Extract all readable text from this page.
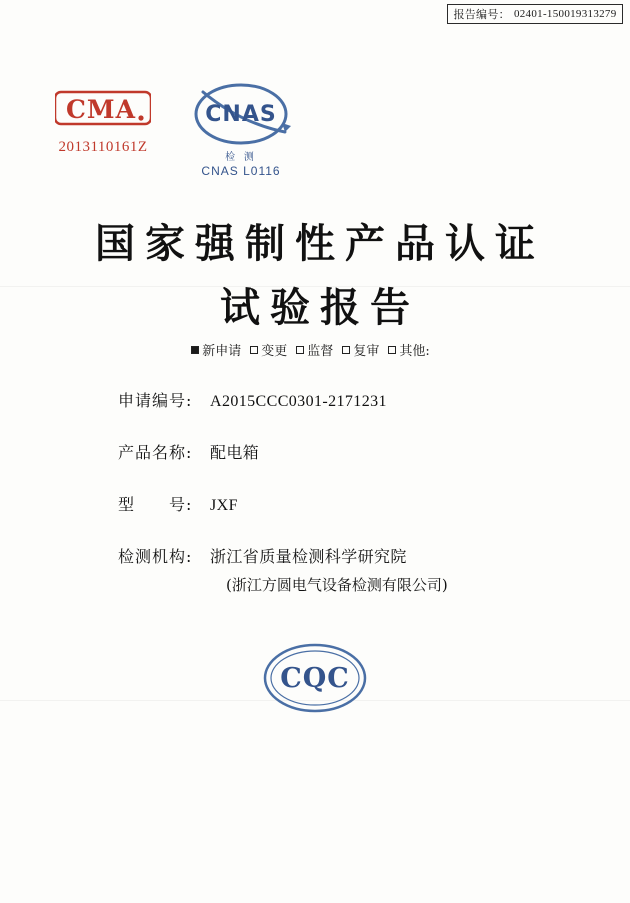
报告编号： 02401-150019313279
CMA
2013110161Z
CNAS
检 测
CNAS L0116
国家强制性产品认证
试验报告
新申请 变更 监督 复审 其他:
申请编号:	A2015CCC0301-2171231
产品名称:	配电箱
型　　号:	JXF
检测机构:	浙江省质量检测科学研究院
(浙江方圆电气设备检测有限公司)
CQC
